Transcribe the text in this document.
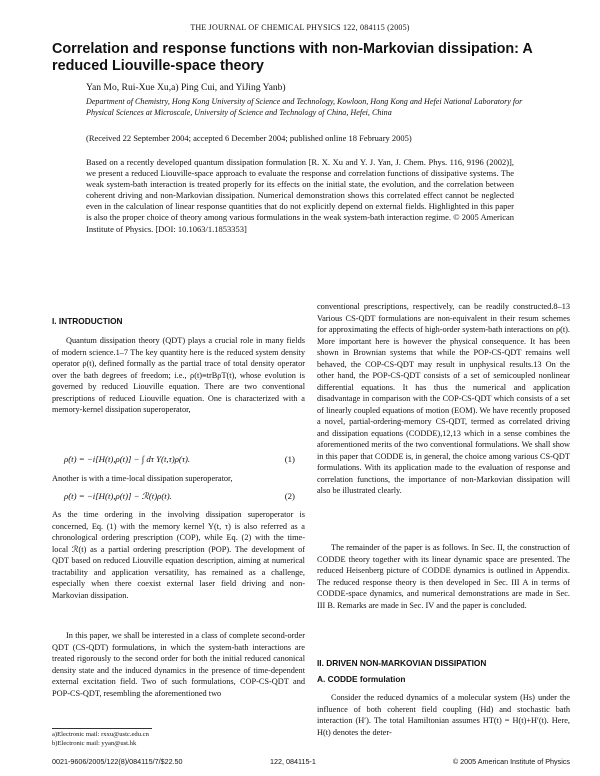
THE JOURNAL OF CHEMICAL PHYSICS 122, 084115 (2005)
Correlation and response functions with non-Markovian dissipation: A reduced Liouville-space theory
Yan Mo, Rui-Xue Xu,a) Ping Cui, and YiJing Yanb)
Department of Chemistry, Hong Kong University of Science and Technology, Kowloon, Hong Kong and Hefei National Laboratory for Physical Sciences at Microscale, University of Science and Technology of China, Hefei, China
(Received 22 September 2004; accepted 6 December 2004; published online 18 February 2005)
Based on a recently developed quantum dissipation formulation [R. X. Xu and Y. J. Yan, J. Chem. Phys. 116, 9196 (2002)], we present a reduced Liouville-space approach to evaluate the response and correlation functions of dissipative systems. The weak system-bath interaction is treated properly for its effects on the initial state, the evolution, and the correlation between coherent driving and non-Markovian dissipation. Numerical demonstration shows this correlated effect cannot be neglected even in the calculation of linear response quantities that do not explicitly depend on external fields. Highlighted in this paper is also the proper choice of theory among various formulations in the weak system-bath interaction regime. © 2005 American Institute of Physics. [DOI: 10.1063/1.1853353]
I. INTRODUCTION
Quantum dissipation theory (QDT) plays a crucial role in many fields of modern science.1–7 The key quantity here is the reduced system density operator ρ(t), defined formally as the partial trace of total density operator over the bath degrees of freedom; i.e., ρ(t)≡trBρT(t), whose evolution is governed by reduced Liouville equation. There are two conventional prescriptions of reduced Liouville equation. One is characterized with a memory-kernel dissipation superoperator,
ρ̇(t) = −i[H(t),ρ(t)] − ∫ dτ Υ(t,τ)ρ(τ).	(1)
Another is with a time-local dissipation superoperator,
ρ̇(t) = −i[H(t),ρ(t)] − ℛ(t)ρ(t).	(2)
As the time ordering in the involving dissipation superoperator is concerned, Eq. (1) with the memory kernel Υ(t, τ) is also referred as a chronological ordering prescription (COP), while Eq. (2) with the time-local ℛ(t) as a partial ordering prescription (POP). The development of QDT based on reduced Liouville equation description, aiming at numerical tractability and application versatility, has remained as a challenge, especially when there coexist external laser field driving and non-Markovian dissipation.
In this paper, we shall be interested in a class of complete second-order QDT (CS-QDT) formulations, in which the system-bath interactions are treated rigorously to the second order for both the initial reduced canonical density state and the induced dynamics in the presence of time-dependent external excitation field. Two of such formulations, COP-CS-QDT and POP-CS-QDT, resembling the aforementioned two
a)Electronic mail: rxxu@ustc.edu.cn
b)Electronic mail: yyan@ust.hk
conventional prescriptions, respectively, can be readily constructed.8–13 Various CS-QDT formulations are non-equivalent in their resum schemes for approximating the effects of high-order system-bath interactions on ρ(t). More important here is however the physical consequence. It has been shown in Brownian systems that while the POP-CS-QDT remains well behaved, the COP-CS-QDT may result in unphysical results.13 On the other hand, the POP-CS-QDT consists of a set of semicoupled nonlinear differential equations. It has thus the numerical and application disadvantage in comparison with the COP-CS-QDT which consists of a set of linearly coupled equations of motion (EOM). We have recently proposed a novel, partial-ordering-memory CS-QDT, termed as correlated driving and dissipation equations (CODDE),12,13 which in a sense combines the aforementioned merits of the two conventional formulations. We shall show in this paper that CODDE is, in general, the choice among various CS-QDT formulations. With its application made to the evaluation of response and correlation functions, the importance of non-Markovian dissipation will also be illustrated clearly.
The remainder of the paper is as follows. In Sec. II, the construction of CODDE theory together with its linear dynamic space are presented. The reduced Heisenberg picture of CODDE dynamics is outlined in Appendix. The reduced response theory is then developed in Sec. III A in terms of CODDE-space dynamics, and numerical demonstrations are made in Sec. III B. Remarks are made in Sec. IV and the paper is concluded.
II. DRIVEN NON-MARKOVIAN DISSIPATION
A. CODDE formulation
Consider the reduced dynamics of a molecular system (Hs) under the influence of both coherent field coupling (Hd) and stochastic bath interaction (H′). The total Hamiltonian assumes HT(t) = H(t)+H′(t). Here, H(t) denotes the deter-
0021-9606/2005/122(8)/084115/7/$22.50	122, 084115-1	© 2005 American Institute of Physics
